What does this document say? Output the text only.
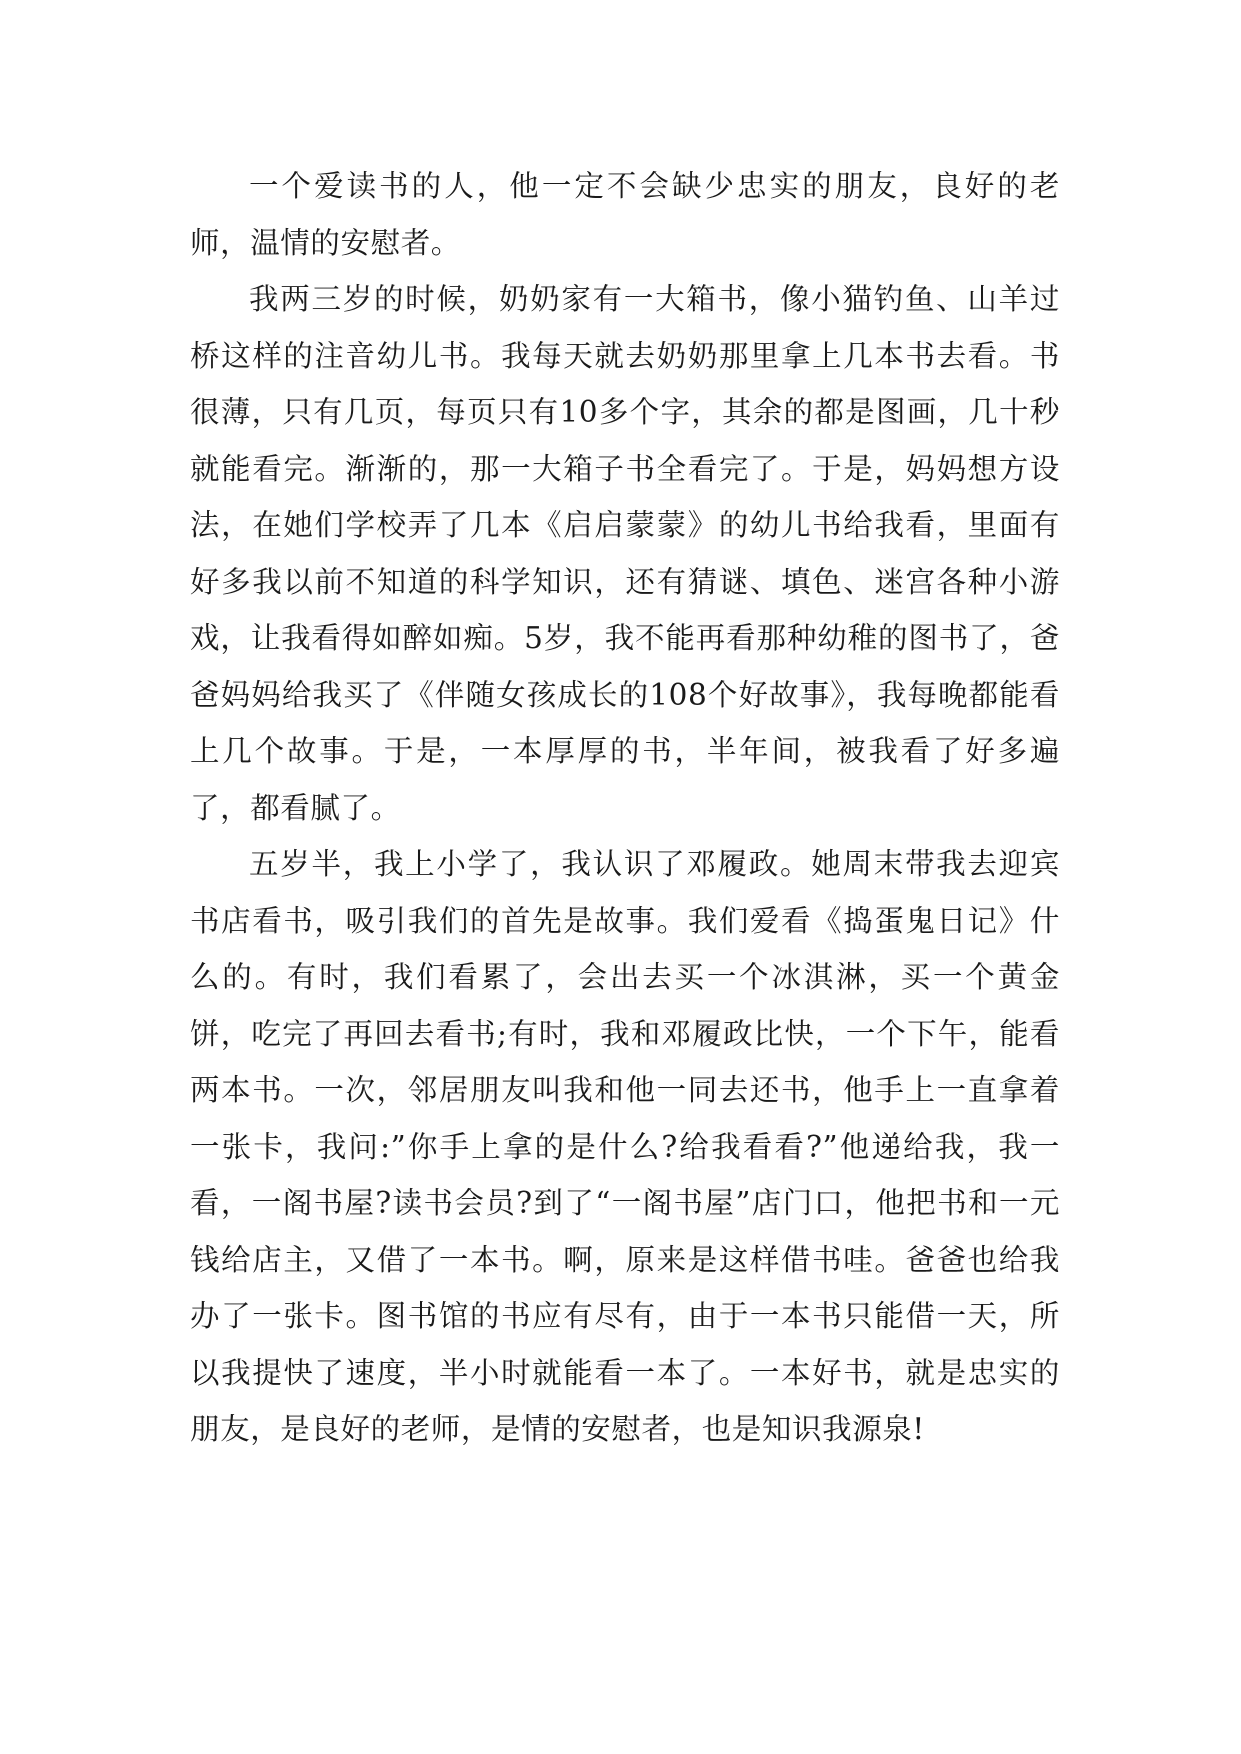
一个爱读书的人，他一定不会缺少忠实的朋友，良好的老师，温情的安慰者。

我两三岁的时候，奶奶家有一大箱书，像小猫钓鱼、山羊过桥这样的注音幼儿书。我每天就去奶奶那里拿上几本书去看。书很薄，只有几页，每页只有10多个字，其余的都是图画，几十秒就能看完。渐渐的，那一大箱子书全看完了。于是，妈妈想方设法，在她们学校弄了几本《启启蒙蒙》的幼儿书给我看，里面有好多我以前不知道的科学知识，还有猜谜、填色、迷宫各种小游戏，让我看得如醉如痴。5岁，我不能再看那种幼稚的图书了，爸爸妈妈给我买了《伴随女孩成长的108个好故事》，我每晚都能看上几个故事。于是，一本厚厚的书，半年间，被我看了好多遍了，都看腻了。

五岁半，我上小学了，我认识了邓履政。她周末带我去迎宾书店看书，吸引我们的首先是故事。我们爱看《捣蛋鬼日记》什么的。有时，我们看累了，会出去买一个冰淇淋，买一个黄金饼，吃完了再回去看书;有时，我和邓履政比快，一个下午，能看两本书。一次，邻居朋友叫我和他一同去还书，他手上一直拿着一张卡，我问:”你手上拿的是什么?给我看看?”他递给我，我一看，一阁书屋?读书会员?到了“一阁书屋”店门口，他把书和一元钱给店主，又借了一本书。啊，原来是这样借书哇。爸爸也给我办了一张卡。图书馆的书应有尽有，由于一本书只能借一天，所以我提快了速度，半小时就能看一本了。一本好书，就是忠实的朋友，是良好的老师，是情的安慰者，也是知识我源泉!
